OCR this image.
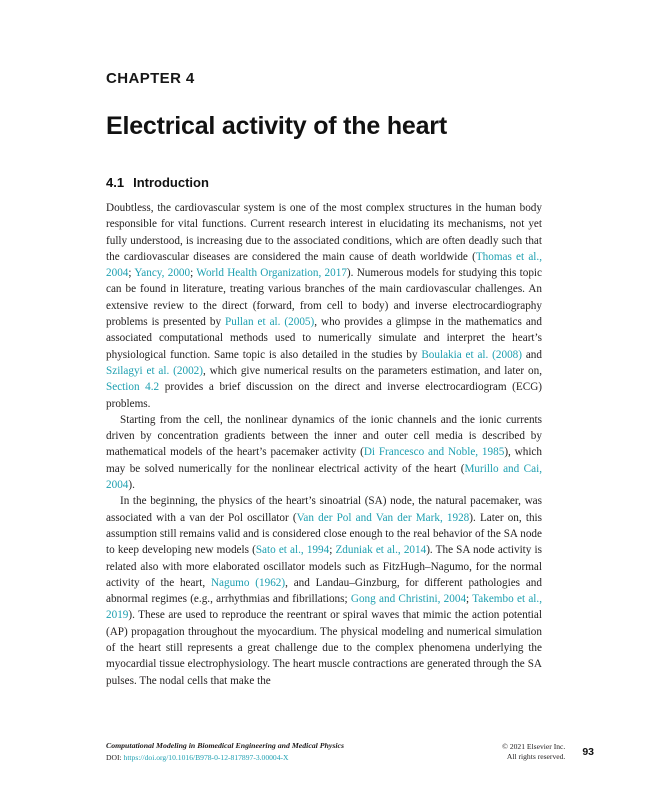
CHAPTER 4
Electrical activity of the heart
4.1 Introduction

Doubtless, the cardiovascular system is one of the most complex structures in the human body responsible for vital functions. Current research interest in elucidating its mechanisms, not yet fully understood, is increasing due to the associated conditions, which are often deadly such that the cardiovascular diseases are considered the main cause of death worldwide (Thomas et al., 2004; Yancy, 2000; World Health Organization, 2017). Numerous models for studying this topic can be found in literature, treating various branches of the main cardiovascular challenges. An extensive review to the direct (forward, from cell to body) and inverse electrocardiography problems is presented by Pullan et al. (2005), who provides a glimpse in the mathematics and associated computational methods used to numerically simulate and interpret the heart’s physiological function. Same topic is also detailed in the studies by Boulakia et al. (2008) and Szilagyi et al. (2002), which give numerical results on the parameters estimation, and later on, Section 4.2 provides a brief discussion on the direct and inverse electrocardiogram (ECG) problems.

Starting from the cell, the nonlinear dynamics of the ionic channels and the ionic currents driven by concentration gradients between the inner and outer cell media is described by mathematical models of the heart’s pacemaker activity (Di Francesco and Noble, 1985), which may be solved numerically for the nonlinear electrical activity of the heart (Murillo and Cai, 2004).

In the beginning, the physics of the heart’s sinoatrial (SA) node, the natural pacemaker, was associated with a van der Pol oscillator (Van der Pol and Van der Mark, 1928). Later on, this assumption still remains valid and is considered close enough to the real behavior of the SA node to keep developing new models (Sato et al., 1994; Zduniak et al., 2014). The SA node activity is related also with more elaborated oscillator models such as FitzHugh–Nagumo, for the normal activity of the heart, Nagumo (1962), and Landau–Ginzburg, for different pathologies and abnormal regimes (e.g., arrhythmias and fibrillations; Gong and Christini, 2004; Takembo et al., 2019). These are used to reproduce the reentrant or spiral waves that mimic the action potential (AP) propagation throughout the myocardium. The physical modeling and numerical simulation of the heart still represents a great challenge due to the complex phenomena underlying the myocardial tissue electrophysiology. The heart muscle contractions are generated through the SA pulses. The nodal cells that make the

Computational Modeling in Biomedical Engineering and Medical Physics
DOI: https://doi.org/10.1016/B978-0-12-817897-3.00004-X
© 2021 Elsevier Inc.
All rights reserved. 93
